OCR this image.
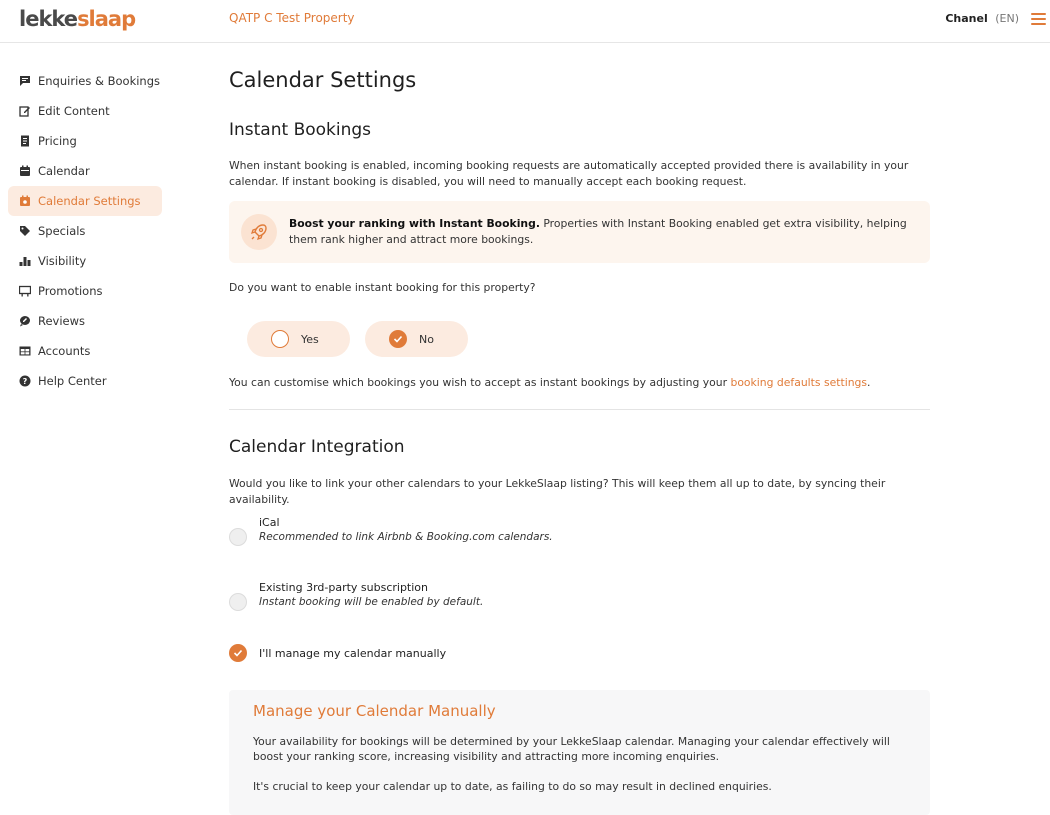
lekkeslaap	QATP C Test Property	Chanel (EN)
Enquiries & Bookings
Edit Content
Pricing
Calendar
Calendar Settings
Specials
Visibility
Promotions
Reviews
Accounts
? Help Center
Calendar Settings
Instant Bookings
When instant booking is enabled, incoming booking requests are automatically accepted provided there is availability in your calendar. If instant booking is disabled, you will need to manually accept each booking request.
Boost your ranking with Instant Booking. Properties with Instant Booking enabled get extra visibility, helping them rank higher and attract more bookings.
Do you want to enable instant booking for this property?
Yes	No
You can customise which bookings you wish to accept as instant bookings by adjusting your booking defaults settings.
Calendar Integration
Would you like to link your other calendars to your LekkeSlaap listing? This will keep them all up to date, by syncing their availability.
iCal
Recommended to link Airbnb & Booking.com calendars.
Existing 3rd-party subscription
Instant booking will be enabled by default.
I'll manage my calendar manually
Manage your Calendar Manually
Your availability for bookings will be determined by your LekkeSlaap calendar. Managing your calendar effectively will boost your ranking score, increasing visibility and attracting more incoming enquiries.
It's crucial to keep your calendar up to date, as failing to do so may result in declined enquiries.
